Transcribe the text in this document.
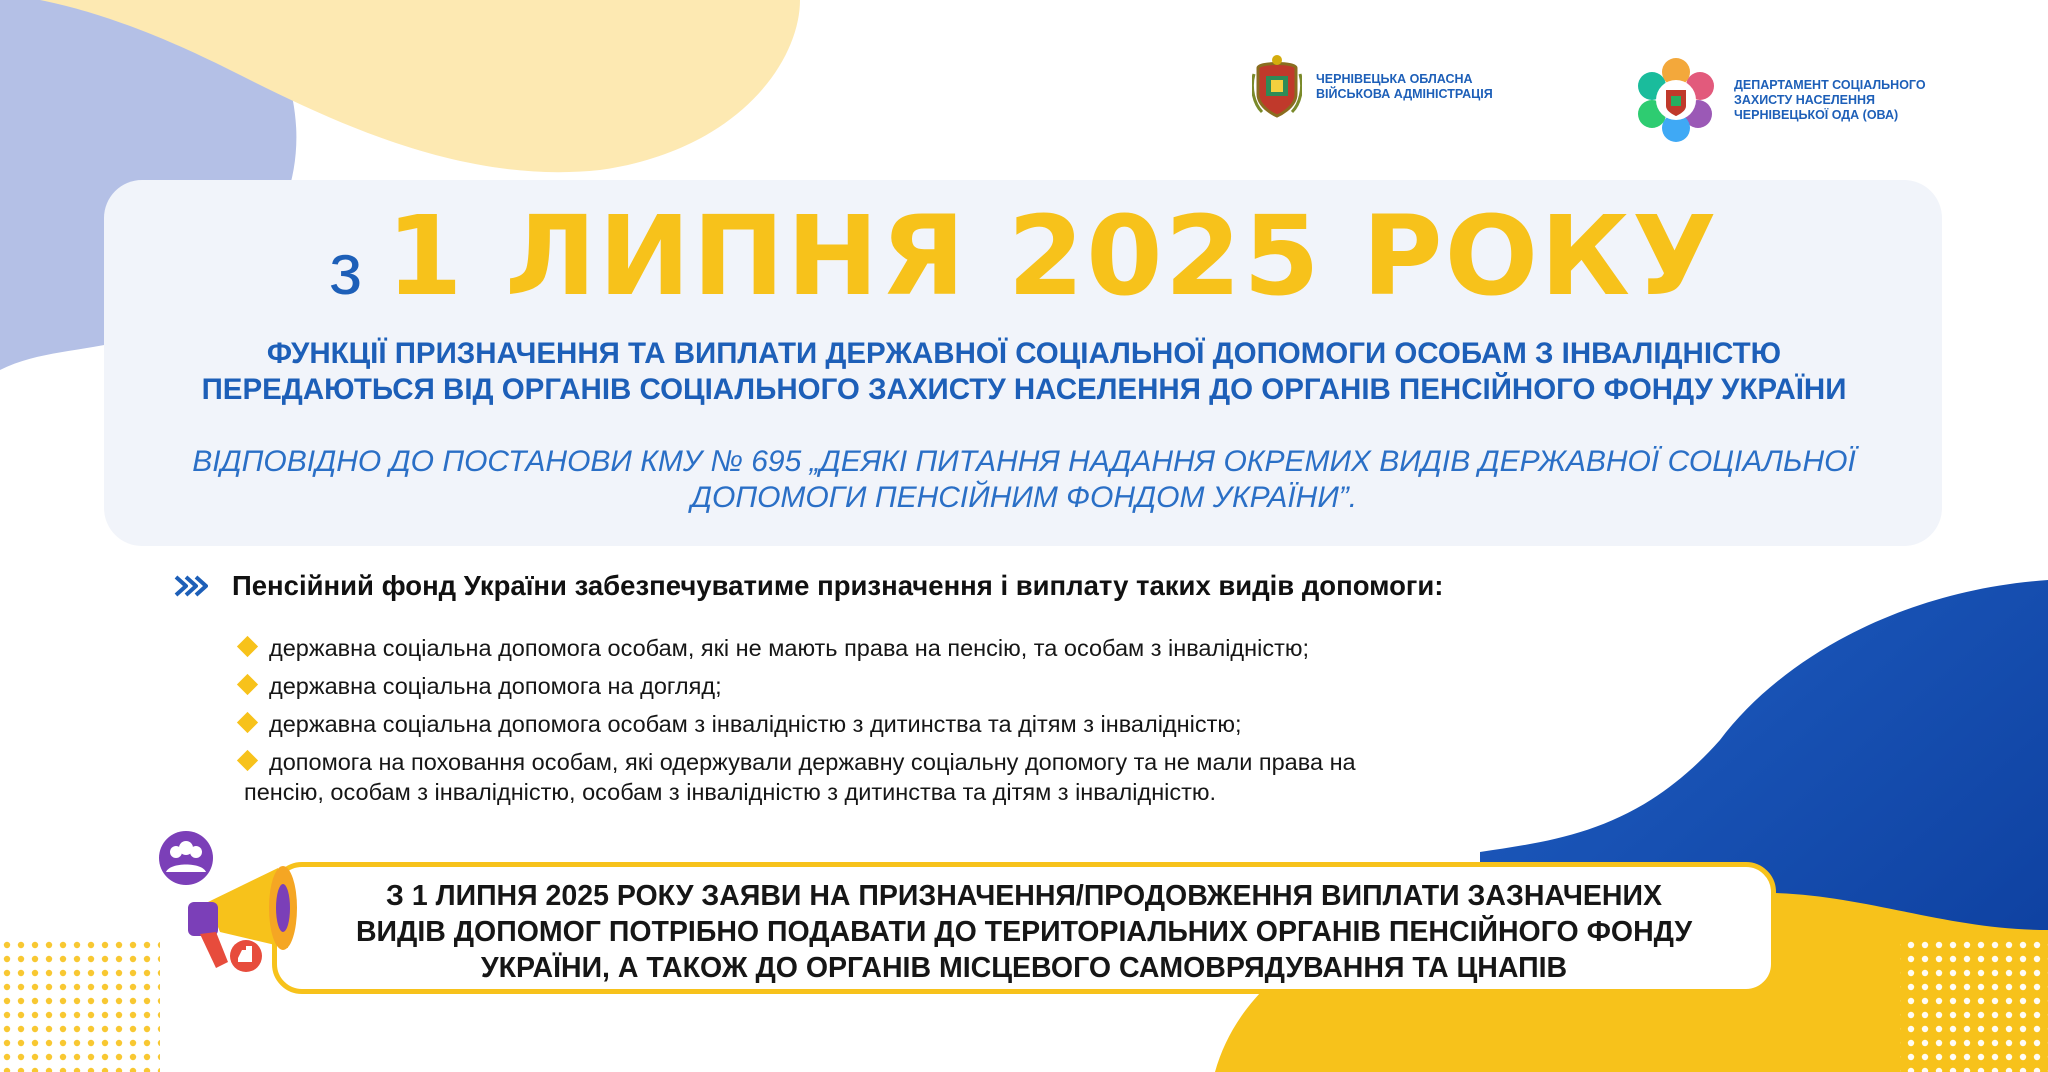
ЧЕРНІВЕЦЬКА ОБЛАСНА
ВІЙСЬКОВА АДМІНІСТРАЦІЯ
ДЕПАРТАМЕНТ СОЦІАЛЬНОГО
ЗАХИСТУ НАСЕЛЕННЯ
ЧЕРНІВЕЦЬКОЇ ОДА (ОВА)
з 1 ЛИПНЯ 2025 РОКУ
ФУНКЦІЇ ПРИЗНАЧЕННЯ ТА ВИПЛАТИ ДЕРЖАВНОЇ СОЦІАЛЬНОЇ ДОПОМОГИ ОСОБАМ З ІНВАЛІДНІСТЮ
ПЕРЕДАЮТЬСЯ ВІД ОРГАНІВ СОЦІАЛЬНОГО ЗАХИСТУ НАСЕЛЕННЯ ДО ОРГАНІВ ПЕНСІЙНОГО ФОНДУ УКРАЇНИ
ВІДПОВІДНО ДО ПОСТАНОВИ КМУ № 695 „ДЕЯКІ ПИТАННЯ НАДАННЯ ОКРЕМИХ ВИДІВ ДЕРЖАВНОЇ СОЦІАЛЬНОЇ
ДОПОМОГИ ПЕНСІЙНИМ ФОНДОМ УКРАЇНИ”.
Пенсійний фонд України забезпечуватиме призначення і виплату таких видів допомоги:
державна соціальна допомога особам, які не мають права на пенсію, та особам з інвалідністю;
державна соціальна допомога на догляд;
державна соціальна допомога особам з інвалідністю з дитинства та дітям з інвалідністю;
допомога на поховання особам, які одержували державну соціальну допомогу та не мали права на
пенсію, особам з інвалідністю, особам з інвалідністю з дитинства та дітям з інвалідністю.
З 1 ЛИПНЯ 2025 РОКУ ЗАЯВИ НА ПРИЗНАЧЕННЯ/ПРОДОВЖЕННЯ ВИПЛАТИ ЗАЗНАЧЕНИХ
ВИДІВ ДОПОМОГ ПОТРІБНО ПОДАВАТИ ДО ТЕРИТОРІАЛЬНИХ ОРГАНІВ ПЕНСІЙНОГО ФОНДУ
УКРАЇНИ, А ТАКОЖ ДО ОРГАНІВ МІСЦЕВОГО САМОВРЯДУВАННЯ ТА ЦНАПІВ
